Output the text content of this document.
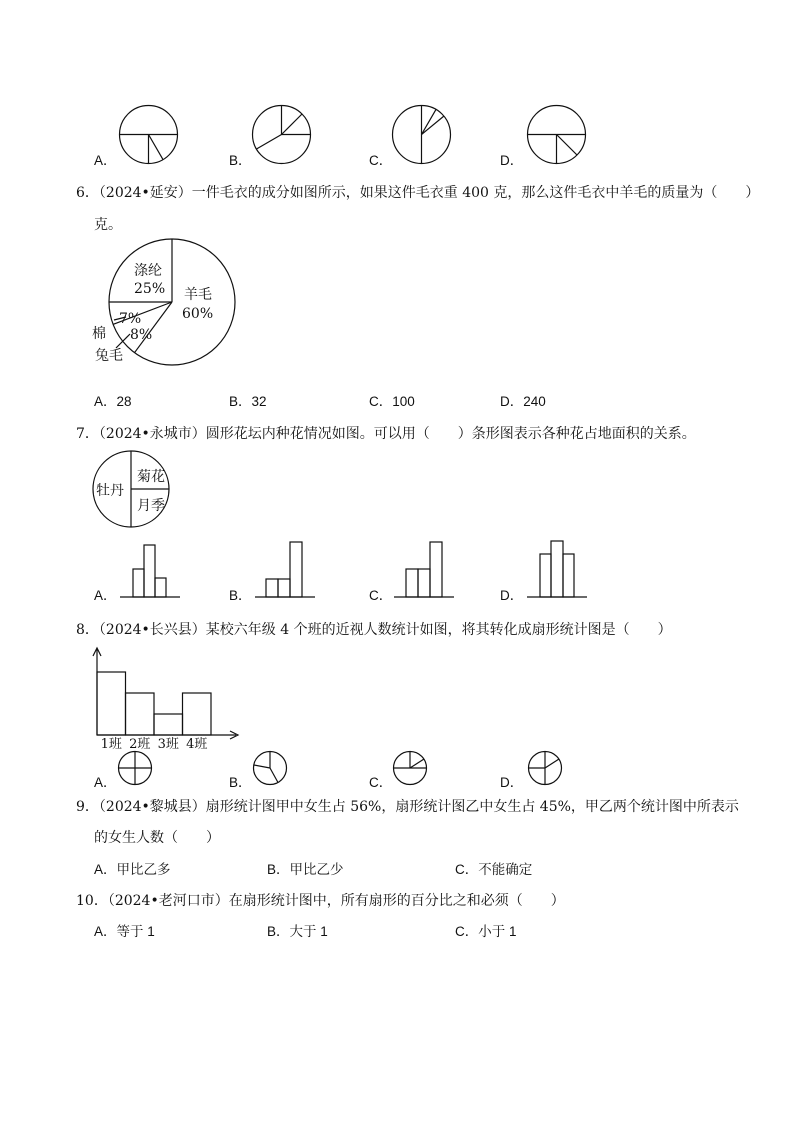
A．	B．	C．	D．
6．（2024•延安）一件毛衣的成分如图所示，如果这件毛衣重 400 克，那么这件毛衣中羊毛的质量为（　　）
克。
涤纶
25% 羊毛
60%
7%
8%
棉
兔毛
A．28	B．32	C．100	D．240
7．（2024•永城市）圆形花坛内种花情况如图。可以用（　　）条形图表示各种花占地面积的关系。
牡丹
菊花
月季
A．	B．	C．	D．
8．（2024•长兴县）某校六年级 4 个班的近视人数统计如图，将其转化成扇形统计图是（　　）
1班 2班 3班 4班
A．	B．	C．	D．
9．（2024•黎城县）扇形统计图甲中女生占 56%，扇形统计图乙中女生占 45%，甲乙两个统计图中所表示
的女生人数（　　）
A．甲比乙多	B．甲比乙少	C．不能确定
10．（2024•老河口市）在扇形统计图中，所有扇形的百分比之和必须（　　）
A．等于 1	B．大于 1	C．小于 1
